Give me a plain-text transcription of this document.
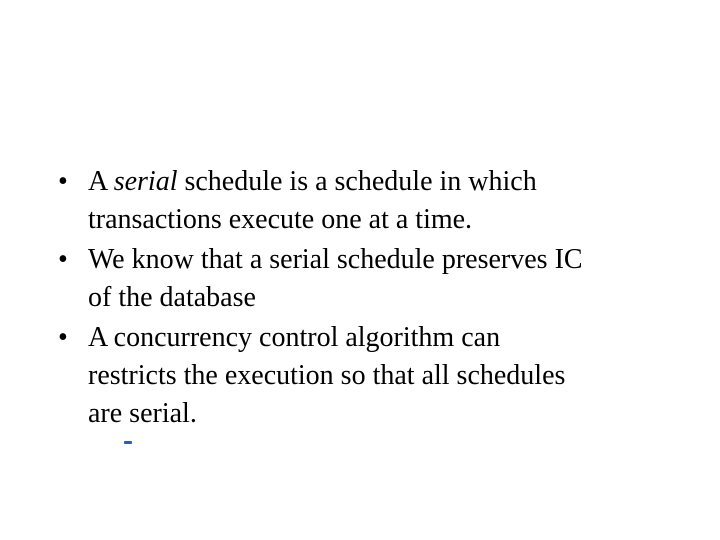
• A serial schedule is a schedule in which
transactions execute one at a time.
• We know that a serial schedule preserves IC
of the database
• A concurrency control algorithm can
restricts the execution so that all schedules
are serial.
